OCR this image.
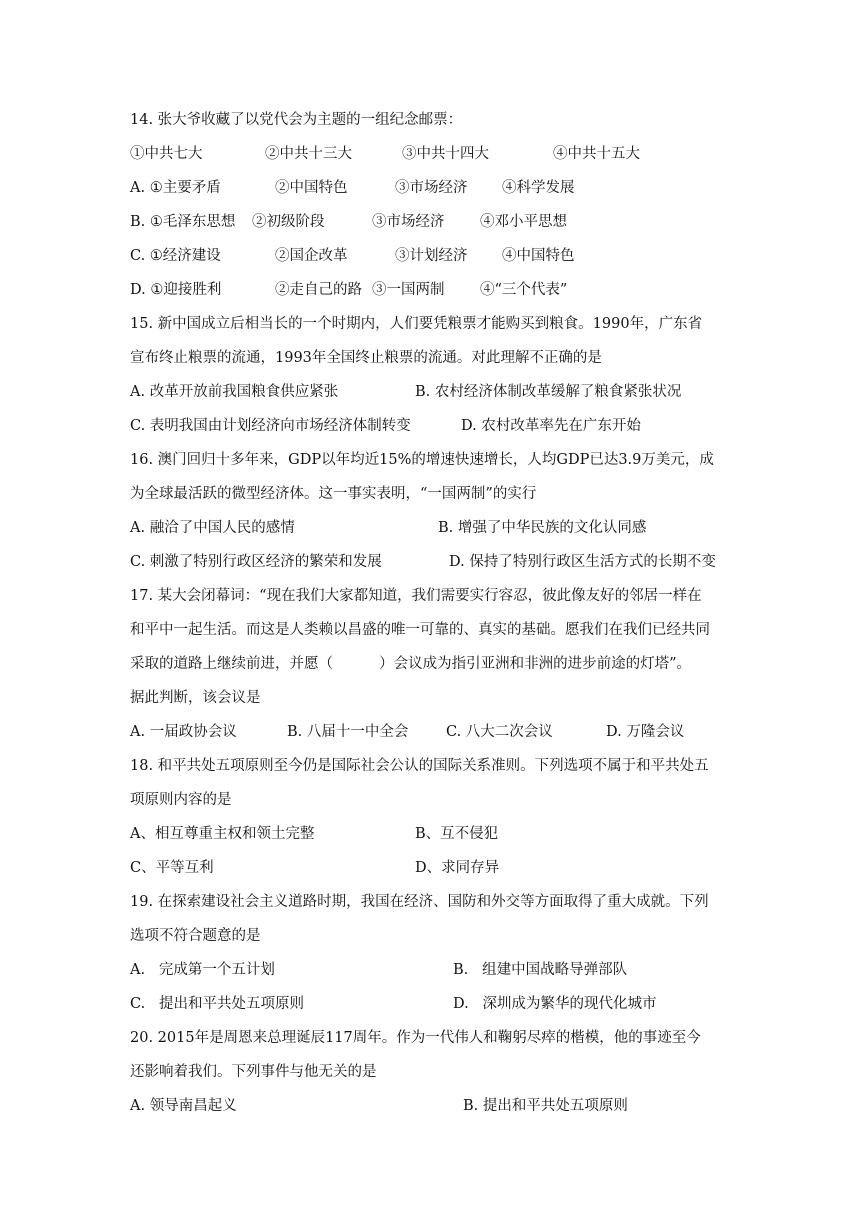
14. 张大爷收藏了以党代会为主题的一组纪念邮票：
①中共七大	②中共十三大	③中共十四大	④中共十五大
A. ①主要矛盾	②中国特色	③市场经济 ④科学发展
B. ①毛泽东思想 ②初级阶段	③市场经济 ④邓小平思想
C. ①经济建设	②国企改革	③计划经济 ④中国特色
D. ①迎接胜利	②走自己的路 ③一国两制 ④“三个代表”
15. 新中国成立后相当长的一个时期内，人们要凭粮票才能购买到粮食。1990年，广东省
宣布终止粮票的流通，1993年全国终止粮票的流通。对此理解不正确的是
A. 改革开放前我国粮食供应紧张	B. 农村经济体制改革缓解了粮食紧张状况
C. 表明我国由计划经济向市场经济体制转变	D. 农村改革率先在广东开始
16. 澳门回归十多年来，GDP以年均近15%的增速快速增长，人均GDP已达3.9万美元，成
为全球最活跃的微型经济体。这一事实表明，“一国两制”的实行
A. 融洽了中国人民的感情	B. 增强了中华民族的文化认同感
C. 刺激了特别行政区经济的繁荣和发展	D. 保持了特别行政区生活方式的长期不变
17. 某大会闭幕词：“现在我们大家都知道，我们需要实行容忍，彼此像友好的邻居一样在
和平中一起生活。而这是人类赖以昌盛的唯一可靠的、真实的基础。愿我们在我们已经共同
采取的道路上继续前进，并愿（          ）会议成为指引亚洲和非洲的进步前途的灯塔”。
据此判断，该会议是
A. 一届政协会议	B. 八届十一中全会	C. 八大二次会议	D. 万隆会议
18. 和平共处五项原则至今仍是国际社会公认的国际关系准则。下列选项不属于和平共处五
项原则内容的是
A、相互尊重主权和领土完整	B、互不侵犯
C、平等互利	D、求同存异
19. 在探索建设社会主义道路时期，我国在经济、国防和外交等方面取得了重大成就。下列
选项不符合题意的是
A.   完成第一个五计划	B.   组建中国战略导弹部队
C.   提出和平共处五项原则	D.   深圳成为繁华的现代化城市
20. 2015年是周恩来总理诞辰117周年。作为一代伟人和鞠躬尽瘁的楷模，他的事迹至今
还影响着我们。下列事件与他无关的是
A. 领导南昌起义	B. 提出和平共处五项原则
